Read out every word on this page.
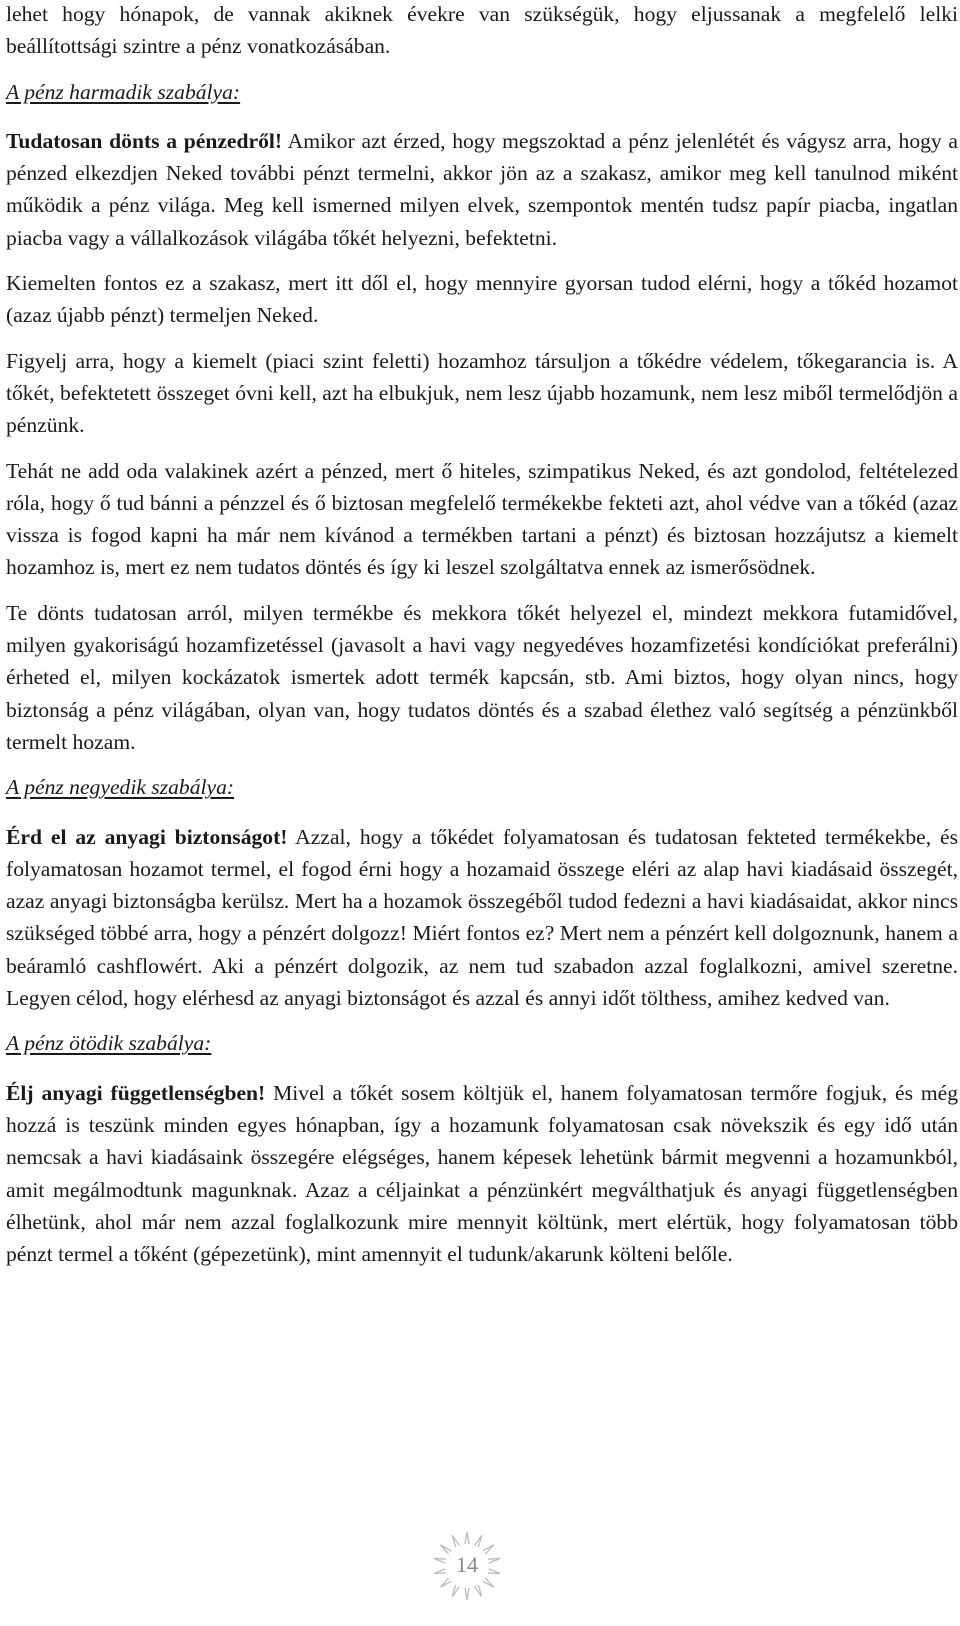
lehet hogy hónapok, de vannak akiknek évekre van szükségük, hogy eljussanak a megfelelő lelki beállítottsági szintre a pénz vonatkozásában.

A pénz harmadik szabálya:

Tudatosan dönts a pénzedről! Amikor azt érzed, hogy megszoktad a pénz jelenlétét és vágysz arra, hogy a pénzed elkezdjen Neked további pénzt termelni, akkor jön az a szakasz, amikor meg kell tanulnod miként működik a pénz világa. Meg kell ismerned milyen elvek, szempontok mentén tudsz papír piacba, ingatlan piacba vagy a vállalkozások világába tőkét helyezni, befektetni.

Kiemelten fontos ez a szakasz, mert itt dől el, hogy mennyire gyorsan tudod elérni, hogy a tőkéd hozamot (azaz újabb pénzt) termeljen Neked.

Figyelj arra, hogy a kiemelt (piaci szint feletti) hozamhoz társuljon a tőkédre védelem, tőkegarancia is. A tőkét, befektetett összeget óvni kell, azt ha elbukjuk, nem lesz újabb hozamunk, nem lesz miből termelődjön a pénzünk.

Tehát ne add oda valakinek azért a pénzed, mert ő hiteles, szimpatikus Neked, és azt gondolod, feltételezed róla, hogy ő tud bánni a pénzzel és ő biztosan megfelelő termékekbe fekteti azt, ahol védve van a tőkéd (azaz vissza is fogod kapni ha már nem kívánod a termékben tartani a pénzt) és biztosan hozzájutsz a kiemelt hozamhoz is, mert ez nem tudatos döntés és így ki leszel szolgáltatva ennek az ismerősödnek.

Te dönts tudatosan arról, milyen termékbe és mekkora tőkét helyezel el, mindezt mekkora futamidővel, milyen gyakoriságú hozamfizetéssel (javasolt a havi vagy negyedéves hozamfizetési kondíciókat preferálni) érheted el, milyen kockázatok ismertek adott termék kapcsán, stb. Ami biztos, hogy olyan nincs, hogy biztonság a pénz világában, olyan van, hogy tudatos döntés és a szabad élethez való segítség a pénzünkből termelt hozam.

A pénz negyedik szabálya:

Érd el az anyagi biztonságot! Azzal, hogy a tőkédet folyamatosan és tudatosan fekteted termékekbe, és folyamatosan hozamot termel, el fogod érni hogy a hozamaid összege eléri az alap havi kiadásaid összegét, azaz anyagi biztonságba kerülsz. Mert ha a hozamok összegéből tudod fedezni a havi kiadásaidat, akkor nincs szükséged többé arra, hogy a pénzért dolgozz! Miért fontos ez? Mert nem a pénzért kell dolgoznunk, hanem a beáramló cashflowért. Aki a pénzért dolgozik, az nem tud szabadon azzal foglalkozni, amivel szeretne. Legyen célod, hogy elérhesd az anyagi biztonságot és azzal és annyi időt tölthess, amihez kedved van.

A pénz ötödik szabálya:

Élj anyagi függetlenségben! Mivel a tőkét sosem költjük el, hanem folyamatosan termőre fogjuk, és még hozzá is teszünk minden egyes hónapban, így a hozamunk folyamatosan csak növekszik és egy idő után nemcsak a havi kiadásaink összegére elégséges, hanem képesek lehetünk bármit megvenni a hozamunkból, amit megálmodtunk magunknak. Azaz a céljainkat a pénzünkért megválthatjuk és anyagi függetlenségben élhetünk, ahol már nem azzal foglalkozunk mire mennyit költünk, mert elértük, hogy folyamatosan több pénzt termel a tőként (gépezetünk), mint amennyit el tudunk/akarunk költeni belőle.

14
